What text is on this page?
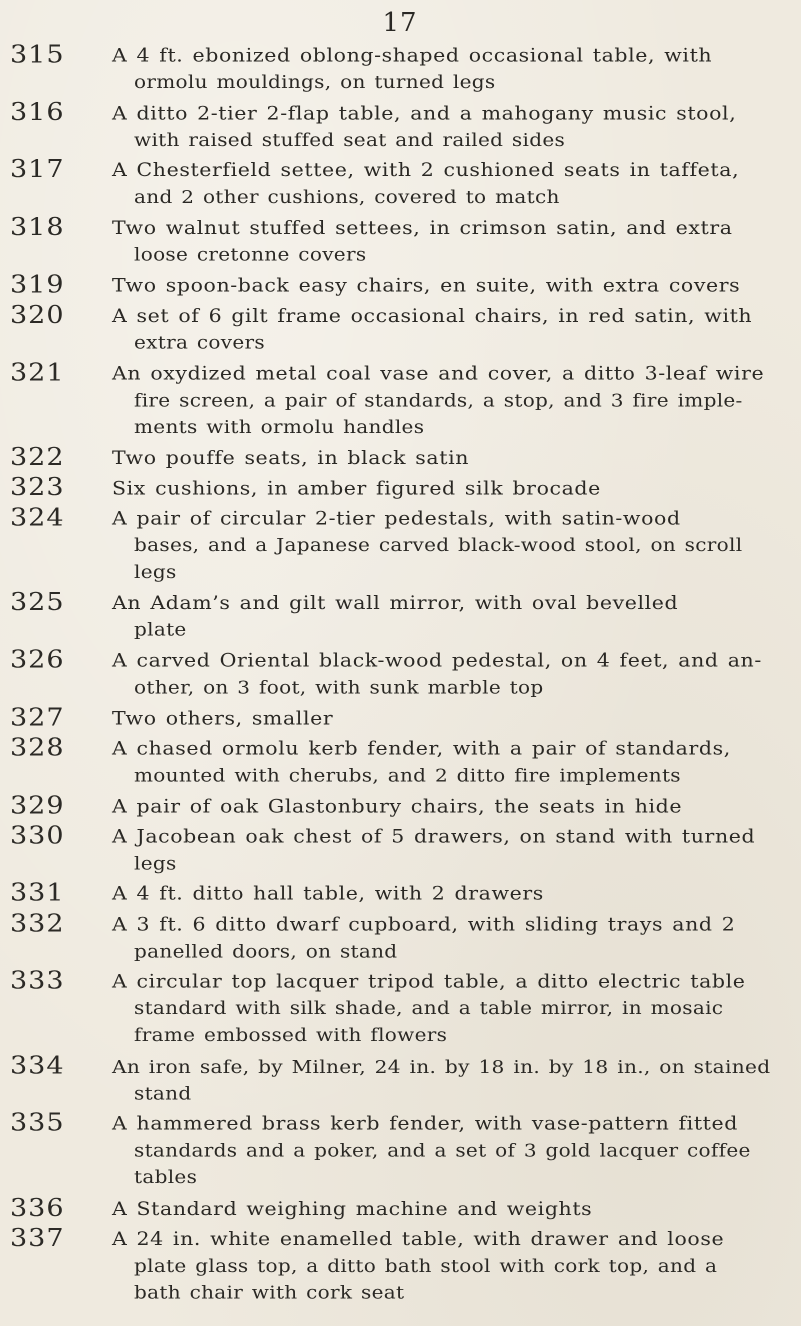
17
315	A 4 ft. ebonized oblong-shaped occasional table, with
ormolu mouldings, on turned legs
316	A ditto 2-tier 2-flap table, and a mahogany music stool,
with raised stuffed seat and railed sides
317	A Chesterfield settee, with 2 cushioned seats in taffeta,
and 2 other cushions, covered to match
318	Two walnut stuffed settees, in crimson satin, and extra
loose cretonne covers
319	Two spoon-back easy chairs, en suite, with extra covers
320	A set of 6 gilt frame occasional chairs, in red satin, with
extra covers
321	An oxydized metal coal vase and cover, a ditto 3-leaf wire
fire screen, a pair of standards, a stop, and 3 fire imple-
ments with ormolu handles
322	Two pouffe seats, in black satin
323	Six cushions, in amber figured silk brocade
324	A pair of circular 2-tier pedestals, with satin-wood
bases, and a Japanese carved black-wood stool, on scroll
legs
325	An Adam’s and gilt wall mirror, with oval bevelled
plate
326	A carved Oriental black-wood pedestal, on 4 feet, and an-
other, on 3 foot, with sunk marble top
327	Two others, smaller
328	A chased ormolu kerb fender, with a pair of standards,
mounted with cherubs, and 2 ditto fire implements
329	A pair of oak Glastonbury chairs, the seats in hide
330	A Jacobean oak chest of 5 drawers, on stand with turned
legs
331	A 4 ft. ditto hall table, with 2 drawers
332	A 3 ft. 6 ditto dwarf cupboard, with sliding trays and 2
panelled doors, on stand
333	A circular top lacquer tripod table, a ditto electric table
standard with silk shade, and a table mirror, in mosaic
frame embossed with flowers
334	An iron safe, by Milner, 24 in. by 18 in. by 18 in., on stained
stand
335	A hammered brass kerb fender, with vase-pattern fitted
standards and a poker, and a set of 3 gold lacquer coffee
tables
336	A Standard weighing machine and weights
337	A 24 in. white enamelled table, with drawer and loose
plate glass top, a ditto bath stool with cork top, and a
bath chair with cork seat
